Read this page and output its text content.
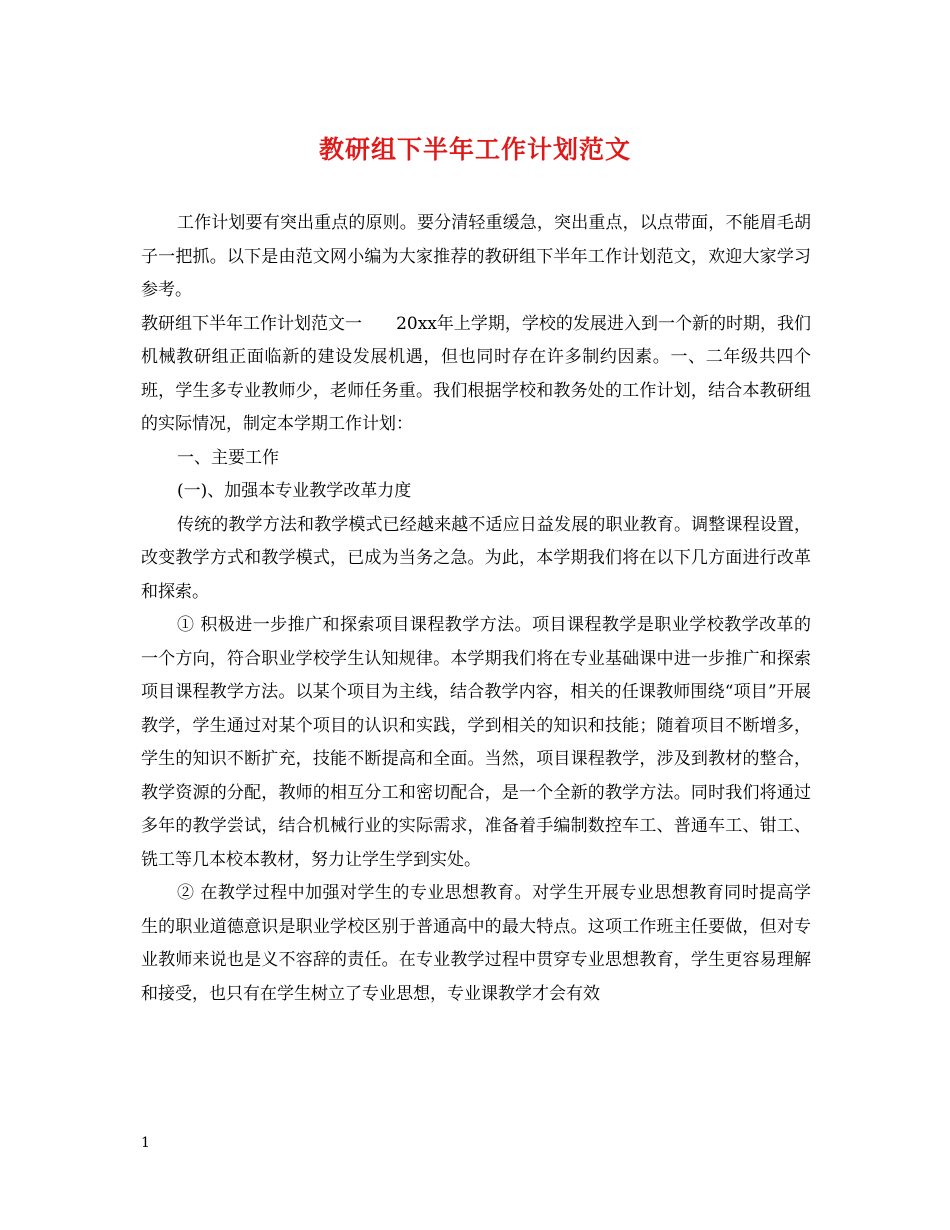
教研组下半年工作计划范文

工作计划要有突出重点的原则。要分清轻重缓急，突出重点，以点带面，不能眉毛胡子一把抓。以下是由范文网小编为大家推荐的教研组下半年工作计划范文，欢迎大家学习参考。

教研组下半年工作计划范文一　　20xx年上学期，学校的发展进入到一个新的时期，我们机械教研组正面临新的建设发展机遇，但也同时存在许多制约因素。一、二年级共四个班，学生多专业教师少，老师任务重。我们根据学校和教务处的工作计划，结合本教研组的实际情况，制定本学期工作计划：

一、主要工作

(一)、加强本专业教学改革力度

传统的教学方法和教学模式已经越来越不适应日益发展的职业教育。调整课程设置，改变教学方式和教学模式，已成为当务之急。为此，本学期我们将在以下几方面进行改革和探索。

① 积极进一步推广和探索项目课程教学方法。项目课程教学是职业学校教学改革的一个方向，符合职业学校学生认知规律。本学期我们将在专业基础课中进一步推广和探索项目课程教学方法。以某个项目为主线，结合教学内容，相关的任课教师围绕“项目”开展教学，学生通过对某个项目的认识和实践，学到相关的知识和技能；随着项目不断增多，学生的知识不断扩充，技能不断提高和全面。当然，项目课程教学，涉及到教材的整合，教学资源的分配，教师的相互分工和密切配合，是一个全新的教学方法。同时我们将通过多年的教学尝试，结合机械行业的实际需求，准备着手编制数控车工、普通车工、钳工、铣工等几本校本教材，努力让学生学到实处。

② 在教学过程中加强对学生的专业思想教育。对学生开展专业思想教育同时提高学生的职业道德意识是职业学校区别于普通高中的最大特点。这项工作班主任要做，但对专业教师来说也是义不容辞的责任。在专业教学过程中贯穿专业思想教育，学生更容易理解和接受，也只有在学生树立了专业思想，专业课教学才会有效

1
